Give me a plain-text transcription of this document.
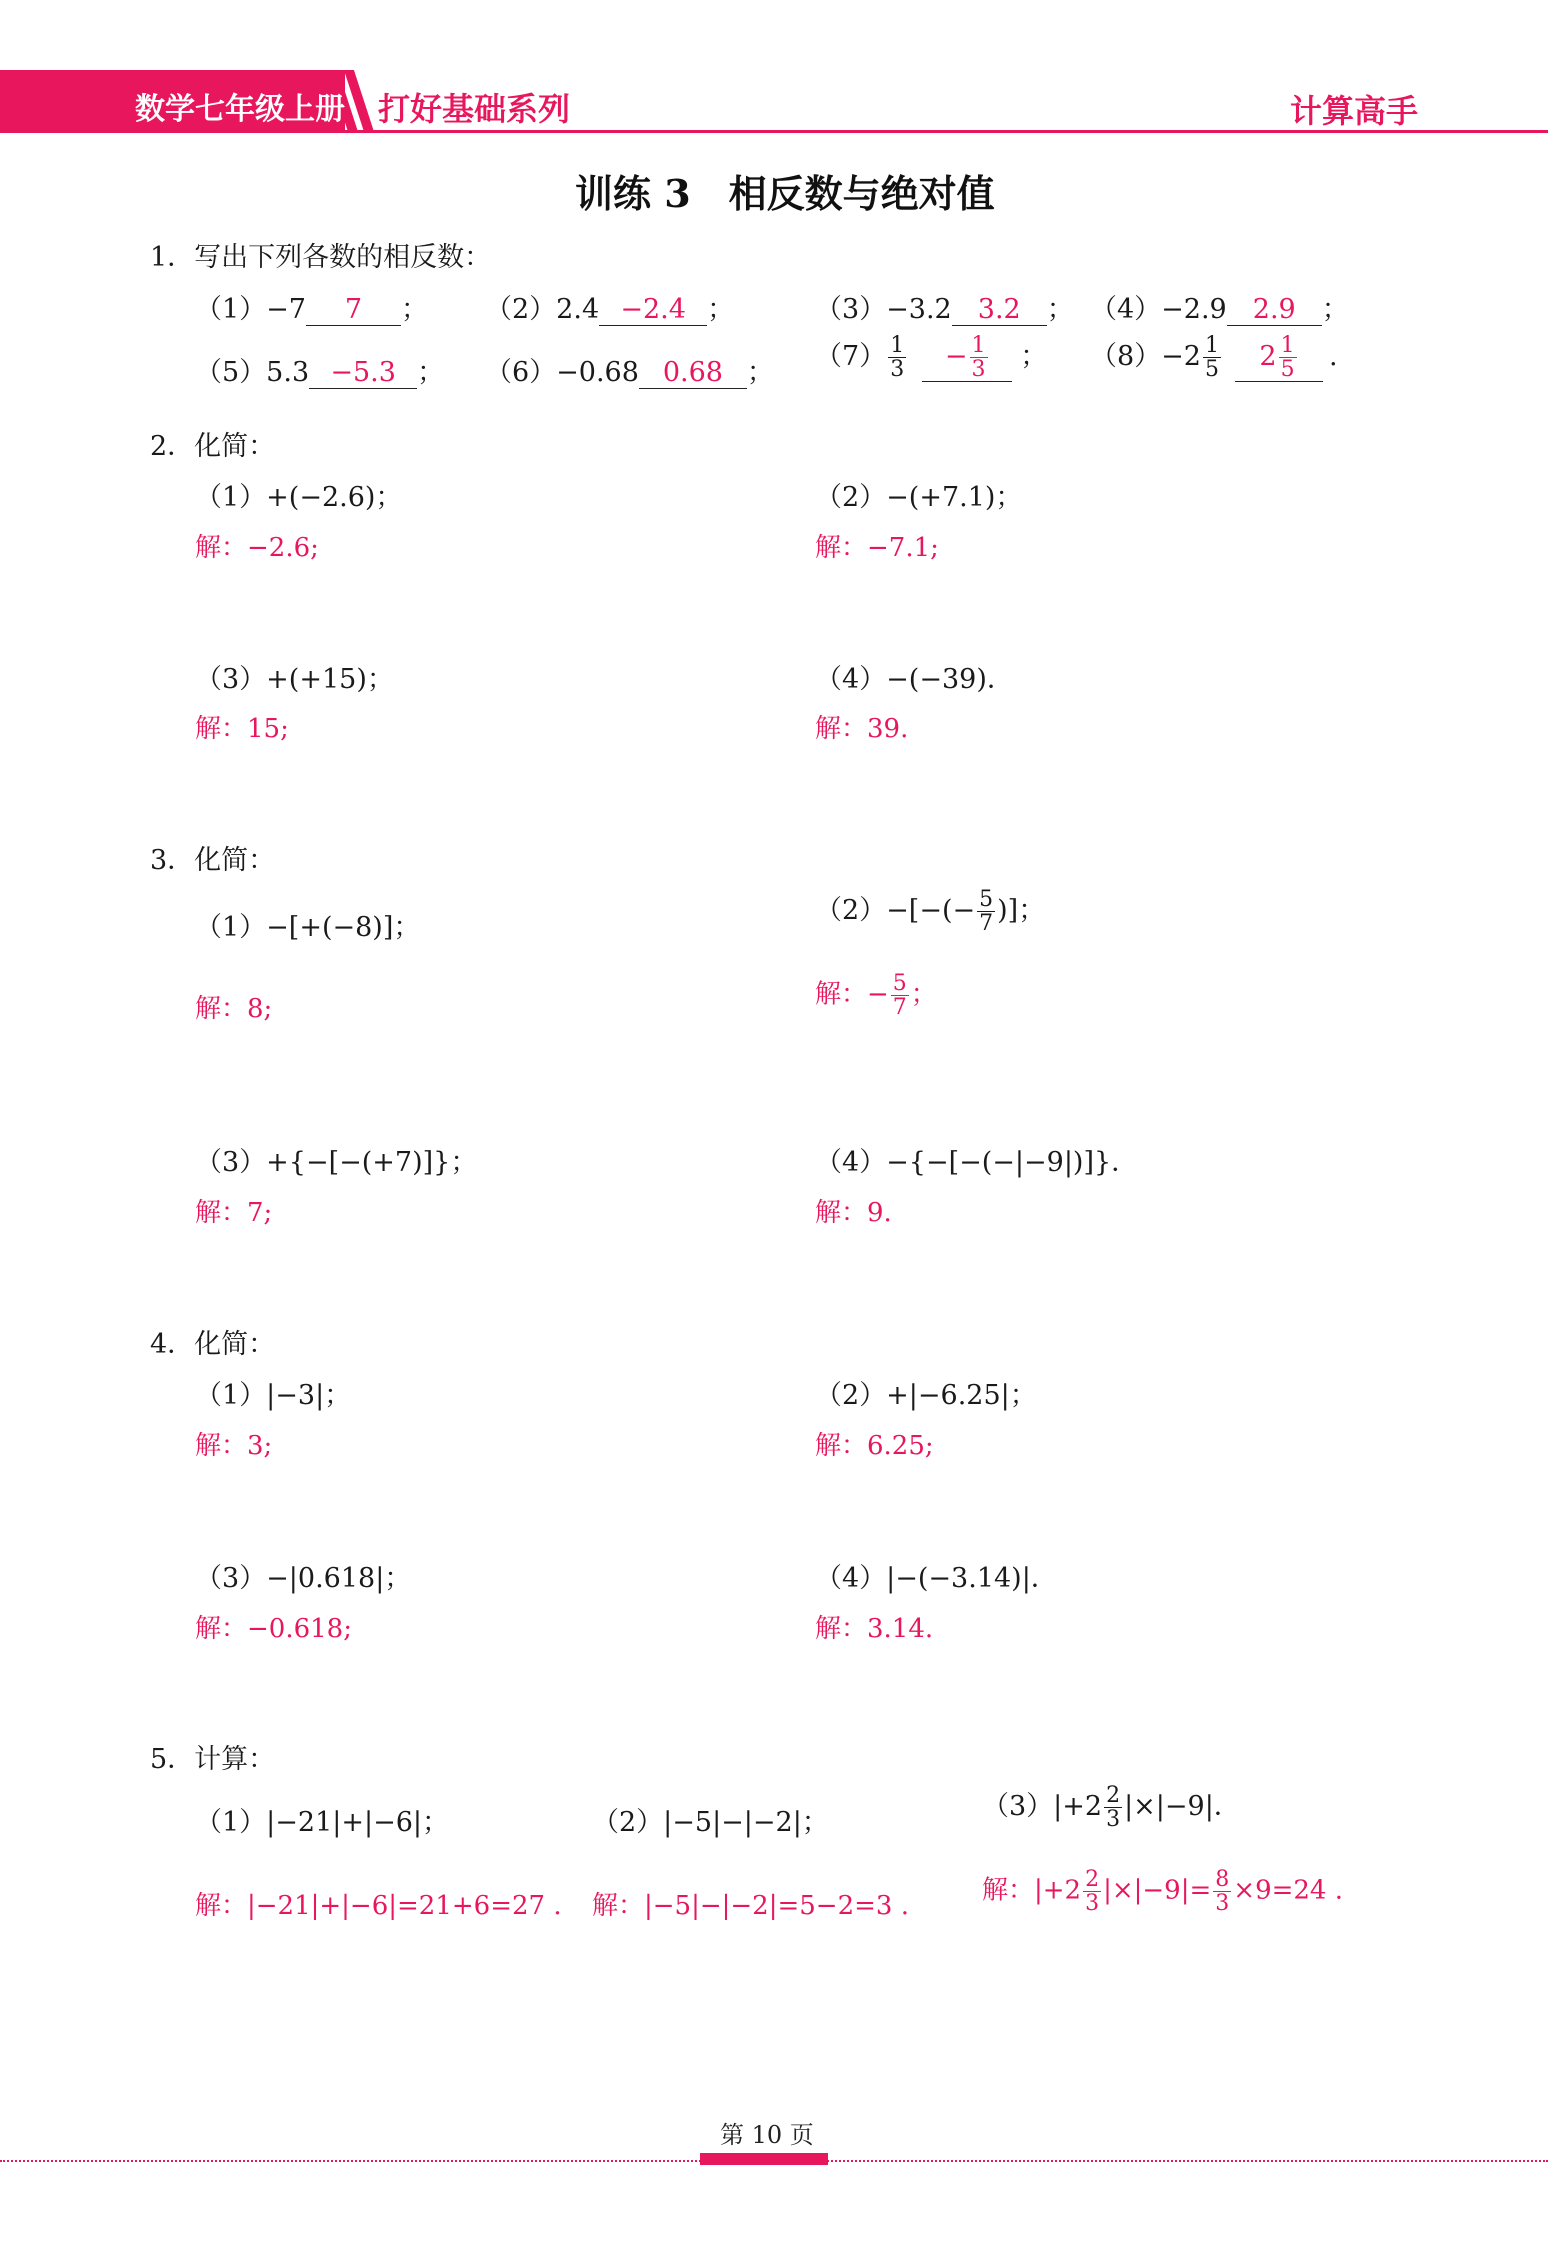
数学七年级上册 打好基础系列	计算高手
训练 3　相反数与绝对值
1．写出下列各数的相反数：
（1）−7 7 ； （2）2.4 −2.4 ；	（3）−3.2 3.2 ； （4）−2.9 2.9 ；
（5）5.3 −5.3 ； （6）−0.68 0.68 ；
$(7) \frac{1}{3} - \frac{1}{3}$ ； $(8)-2 \frac{1}{5} 2 \frac{1}{5}$ .
2．化简：
（1）+(−2.6)；
解：−2.6;
（2）−(+7.1)；
解：−7.1;
（3）+(+15)；
解：15;
（4）−(−39)．
解：39.
3．化简：
（1）−[+(−8)]；
解：8;
$(2)-[-(- \frac{5}{7}$ )]；
解：− $\frac{5}{7}$ ；
（3）+{−[−(+7)]}；
解：7;
（4）−{−[−(−|−9|)]}．
解：9.
4．化简：
（1）|−3|；
解：3;
（2）+|−6.25|；
解：6.25;
（3）−|0.618|；
解：−0.618;
（4）|−(−3.14)|．
解：3.14.
5．计算：
（1）|−21|+|−6|；
解：|−21|+|−6|=21+6=27 .
（2）|−5|−|−2|；
解：|−5|−|−2|=5−2=3 .
$(3)|+2 \frac{2}{3} |\times|-9|$．
解：$|+2 \frac{2}{3} |\times|-9|= \frac{8}{3} \times 9=24$ .
第 10 页
